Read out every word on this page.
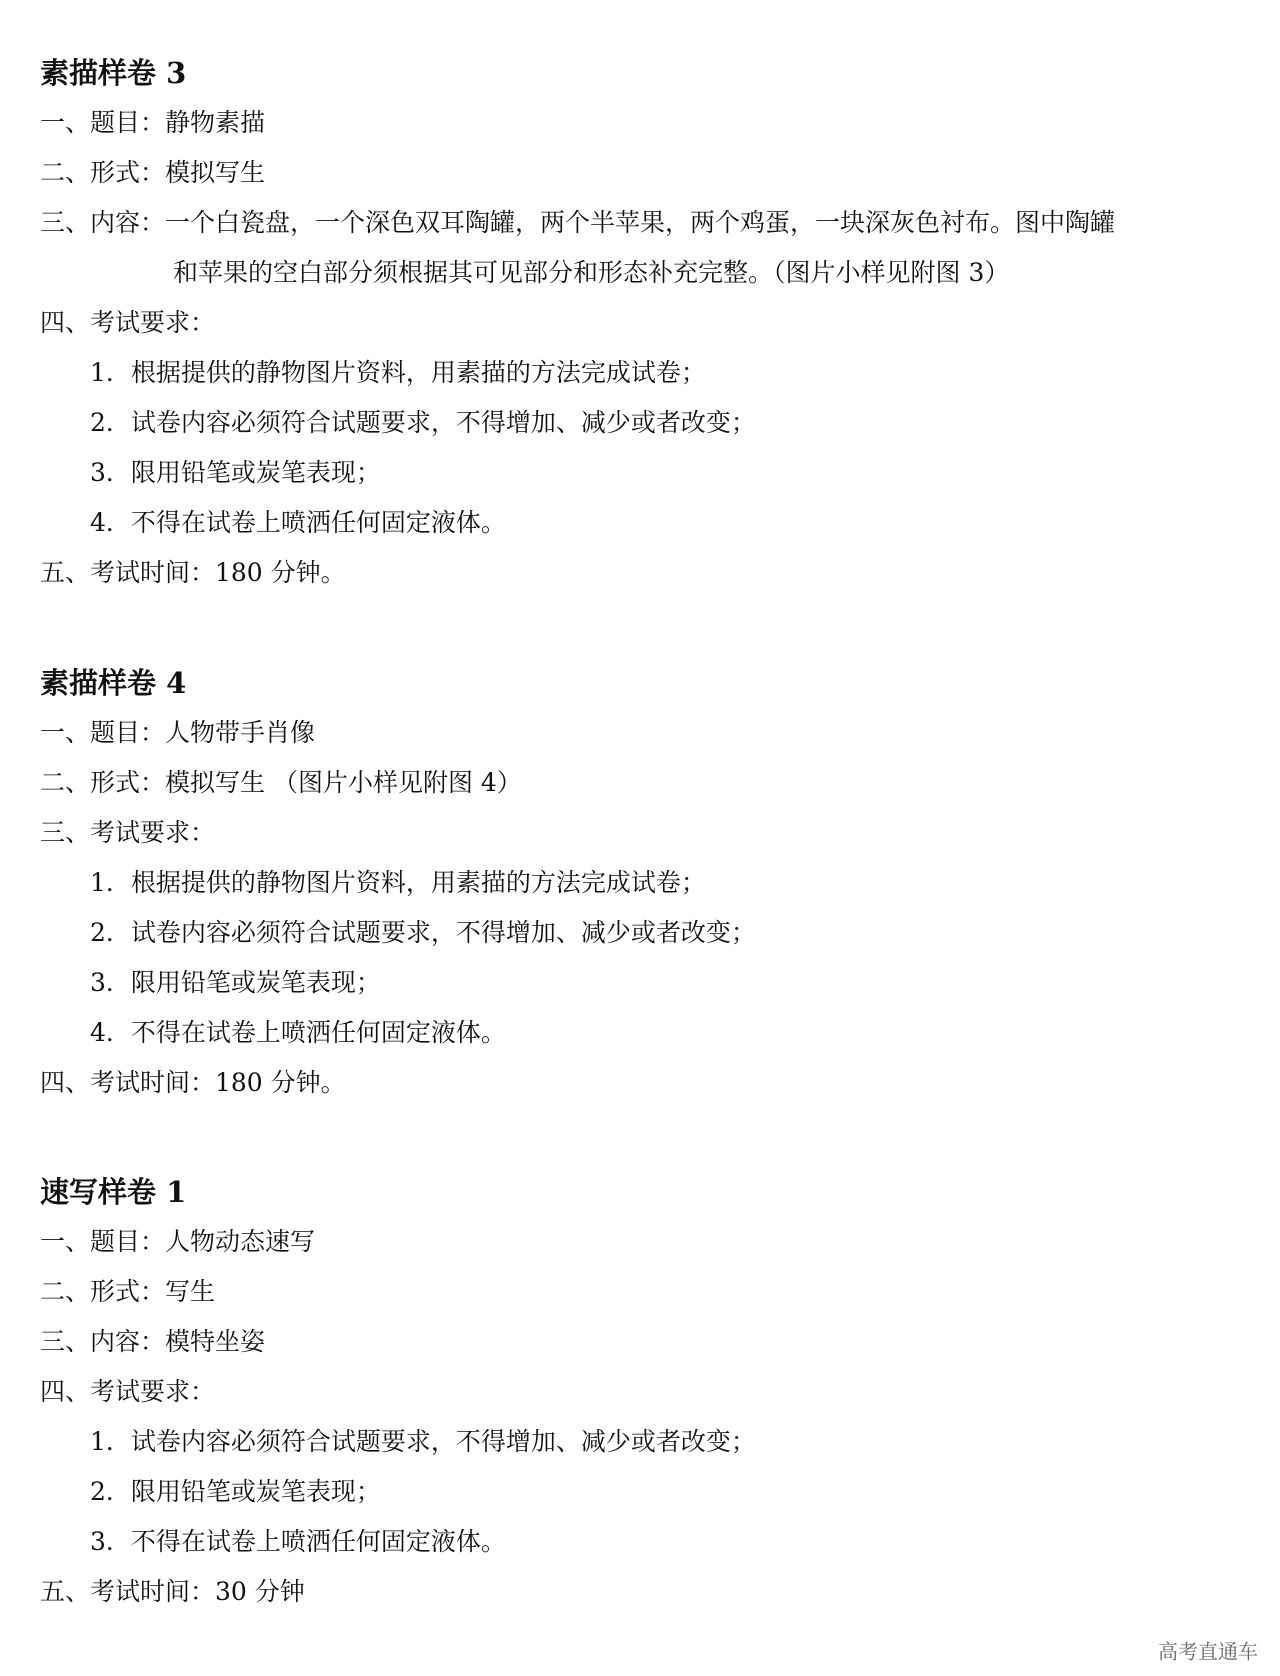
素描样卷 3
一、题目：静物素描
二、形式：模拟写生
三、内容：一个白瓷盘，一个深色双耳陶罐，两个半苹果，两个鸡蛋，一块深灰色衬布。图中陶罐
和苹果的空白部分须根据其可见部分和形态补充完整。（图片小样见附图 3）
四、考试要求：
1．根据提供的静物图片资料，用素描的方法完成试卷；
2．试卷内容必须符合试题要求，不得增加、减少或者改变；
3．限用铅笔或炭笔表现；
4．不得在试卷上喷洒任何固定液体。
五、考试时间：180 分钟。
素描样卷 4
一、题目：人物带手肖像
二、形式：模拟写生 （图片小样见附图 4）
三、考试要求：
1．根据提供的静物图片资料，用素描的方法完成试卷；
2．试卷内容必须符合试题要求，不得增加、减少或者改变；
3．限用铅笔或炭笔表现；
4．不得在试卷上喷洒任何固定液体。
四、考试时间：180 分钟。
速写样卷 1
一、题目：人物动态速写
二、形式：写生
三、内容：模特坐姿
四、考试要求：
1．试卷内容必须符合试题要求，不得增加、减少或者改变；
2．限用铅笔或炭笔表现；
3．不得在试卷上喷洒任何固定液体。
五、考试时间：30 分钟
高考直通车
